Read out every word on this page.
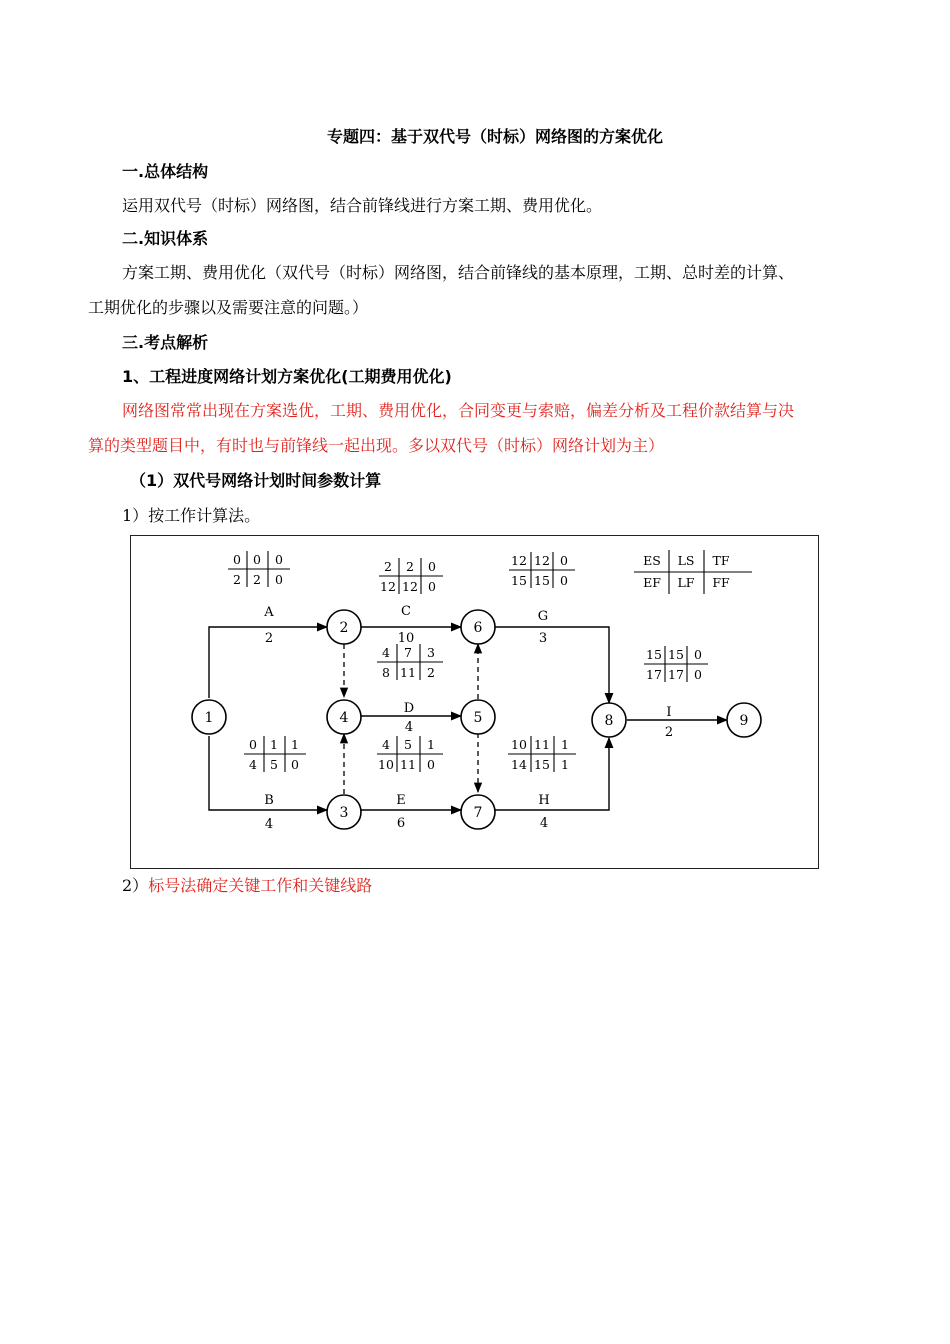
专题四：基于双代号（时标）网络图的方案优化
一.总体结构
运用双代号（时标）网络图，结合前锋线进行方案工期、费用优化。
二.知识体系
方案工期、费用优化（双代号（时标）网络图，结合前锋线的基本原理，工期、总时差的计算、
工期优化的步骤以及需要注意的问题。）
三.考点解析
1、工程进度网络计划方案优化(工期费用优化)
网络图常常出现在方案选优，工期、费用优化，合同变更与索赔，偏差分析及工程价款结算与决
算的类型题目中，有时也与前锋线一起出现。多以双代号（时标）网络计划为主）
（1）双代号网络计划时间参数计算
1）按工作计算法。
A
2
B
4
C
10
D
4
E
6
G
3
H
4
I
2
1
2
3
4	5
6
7
8	9
0 0 0
2 2 0
2 2 0
12 12 0
12 12 0
15 15 0
4 7 3
8 11 2
15 15 0
17 17 0
0 1 1
4 5 0
4 5 1
10 11 0
10 11 1
14 15 1
ES LS TF
EF LF FF
2）标号法确定关键工作和关键线路
